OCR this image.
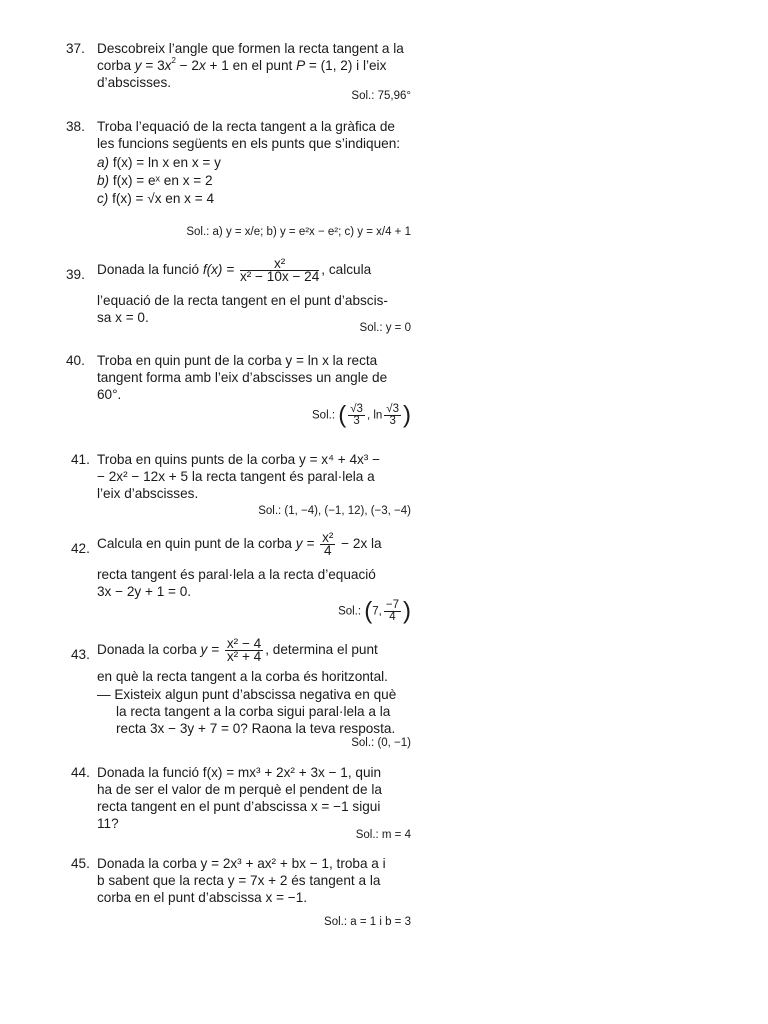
37. Descobreix l’angle que formen la recta tangent a la
corba $y = 3x^2 - 2x + 1$ en el punt P = (1, 2) i l’eix
d’abscisses.
Sol.: 75,96°
38. Troba l’equació de la recta tangent a la gràfica de
les funcions següents en els punts que s’indiquen:
a) f(x) = ln x en x = y
b) f(x) = eˣ en x = 2
c) f(x) = √x en x = 4
Sol.: a) y = x/e; b) y = e²x − e²; c) y = x/4 + 1
39. Donada la funció $f(x) = \frac{\text{x²}}{\text{x² − 10x − 24}}$ , calcula
l’equació de la recta tangent en el punt d’abscis-
sa x = 0.
Sol.: y = 0
40. Troba en quin punt de la corba y = ln x la recta
tangent forma amb l’eix d’abscisses un angle de
60°.
Sol.: ( $\frac{√3}{3}$ , $\ln \frac{√3}{3}$ )
41. Troba en quins punts de la corba y = x⁴ + 4x³ −
− 2x² − 12x + 5 la recta tangent és paral·lela a
l’eix d’abscisses.
Sol.: (1, −4), (−1, 12), (−3, −4)
42. Calcula en quin punt de la corba $y = \frac{\text{x²}}{4} - 2x$ la
recta tangent és paral·lela a la recta d’equació
3x − 2y + 1 = 0.
Sol.: (7, $\frac{-7}{4}$ )
43. Donada la corba $y = \frac{\text{x² − 4}}{\text{x² + 4}}$ , determina el punt
en què la recta tangent a la corba és horitzontal.
— Existeix algun punt d’abscissa negativa en què
la recta tangent a la corba sigui paral·lela a la
recta 3x − 3y + 7 = 0? Raona la teva resposta.
Sol.: (0, −1)
44. Donada la funció f(x) = mx³ + 2x² + 3x − 1, quin
ha de ser el valor de m perquè el pendent de la
recta tangent en el punt d’abscissa x = −1 sigui
11?
Sol.: m = 4
45. Donada la corba y = 2x³ + ax² + bx − 1, troba a i
b sabent que la recta y = 7x + 2 és tangent a la
corba en el punt d’abscissa x = −1.
Sol.: a = 1 i b = 3
